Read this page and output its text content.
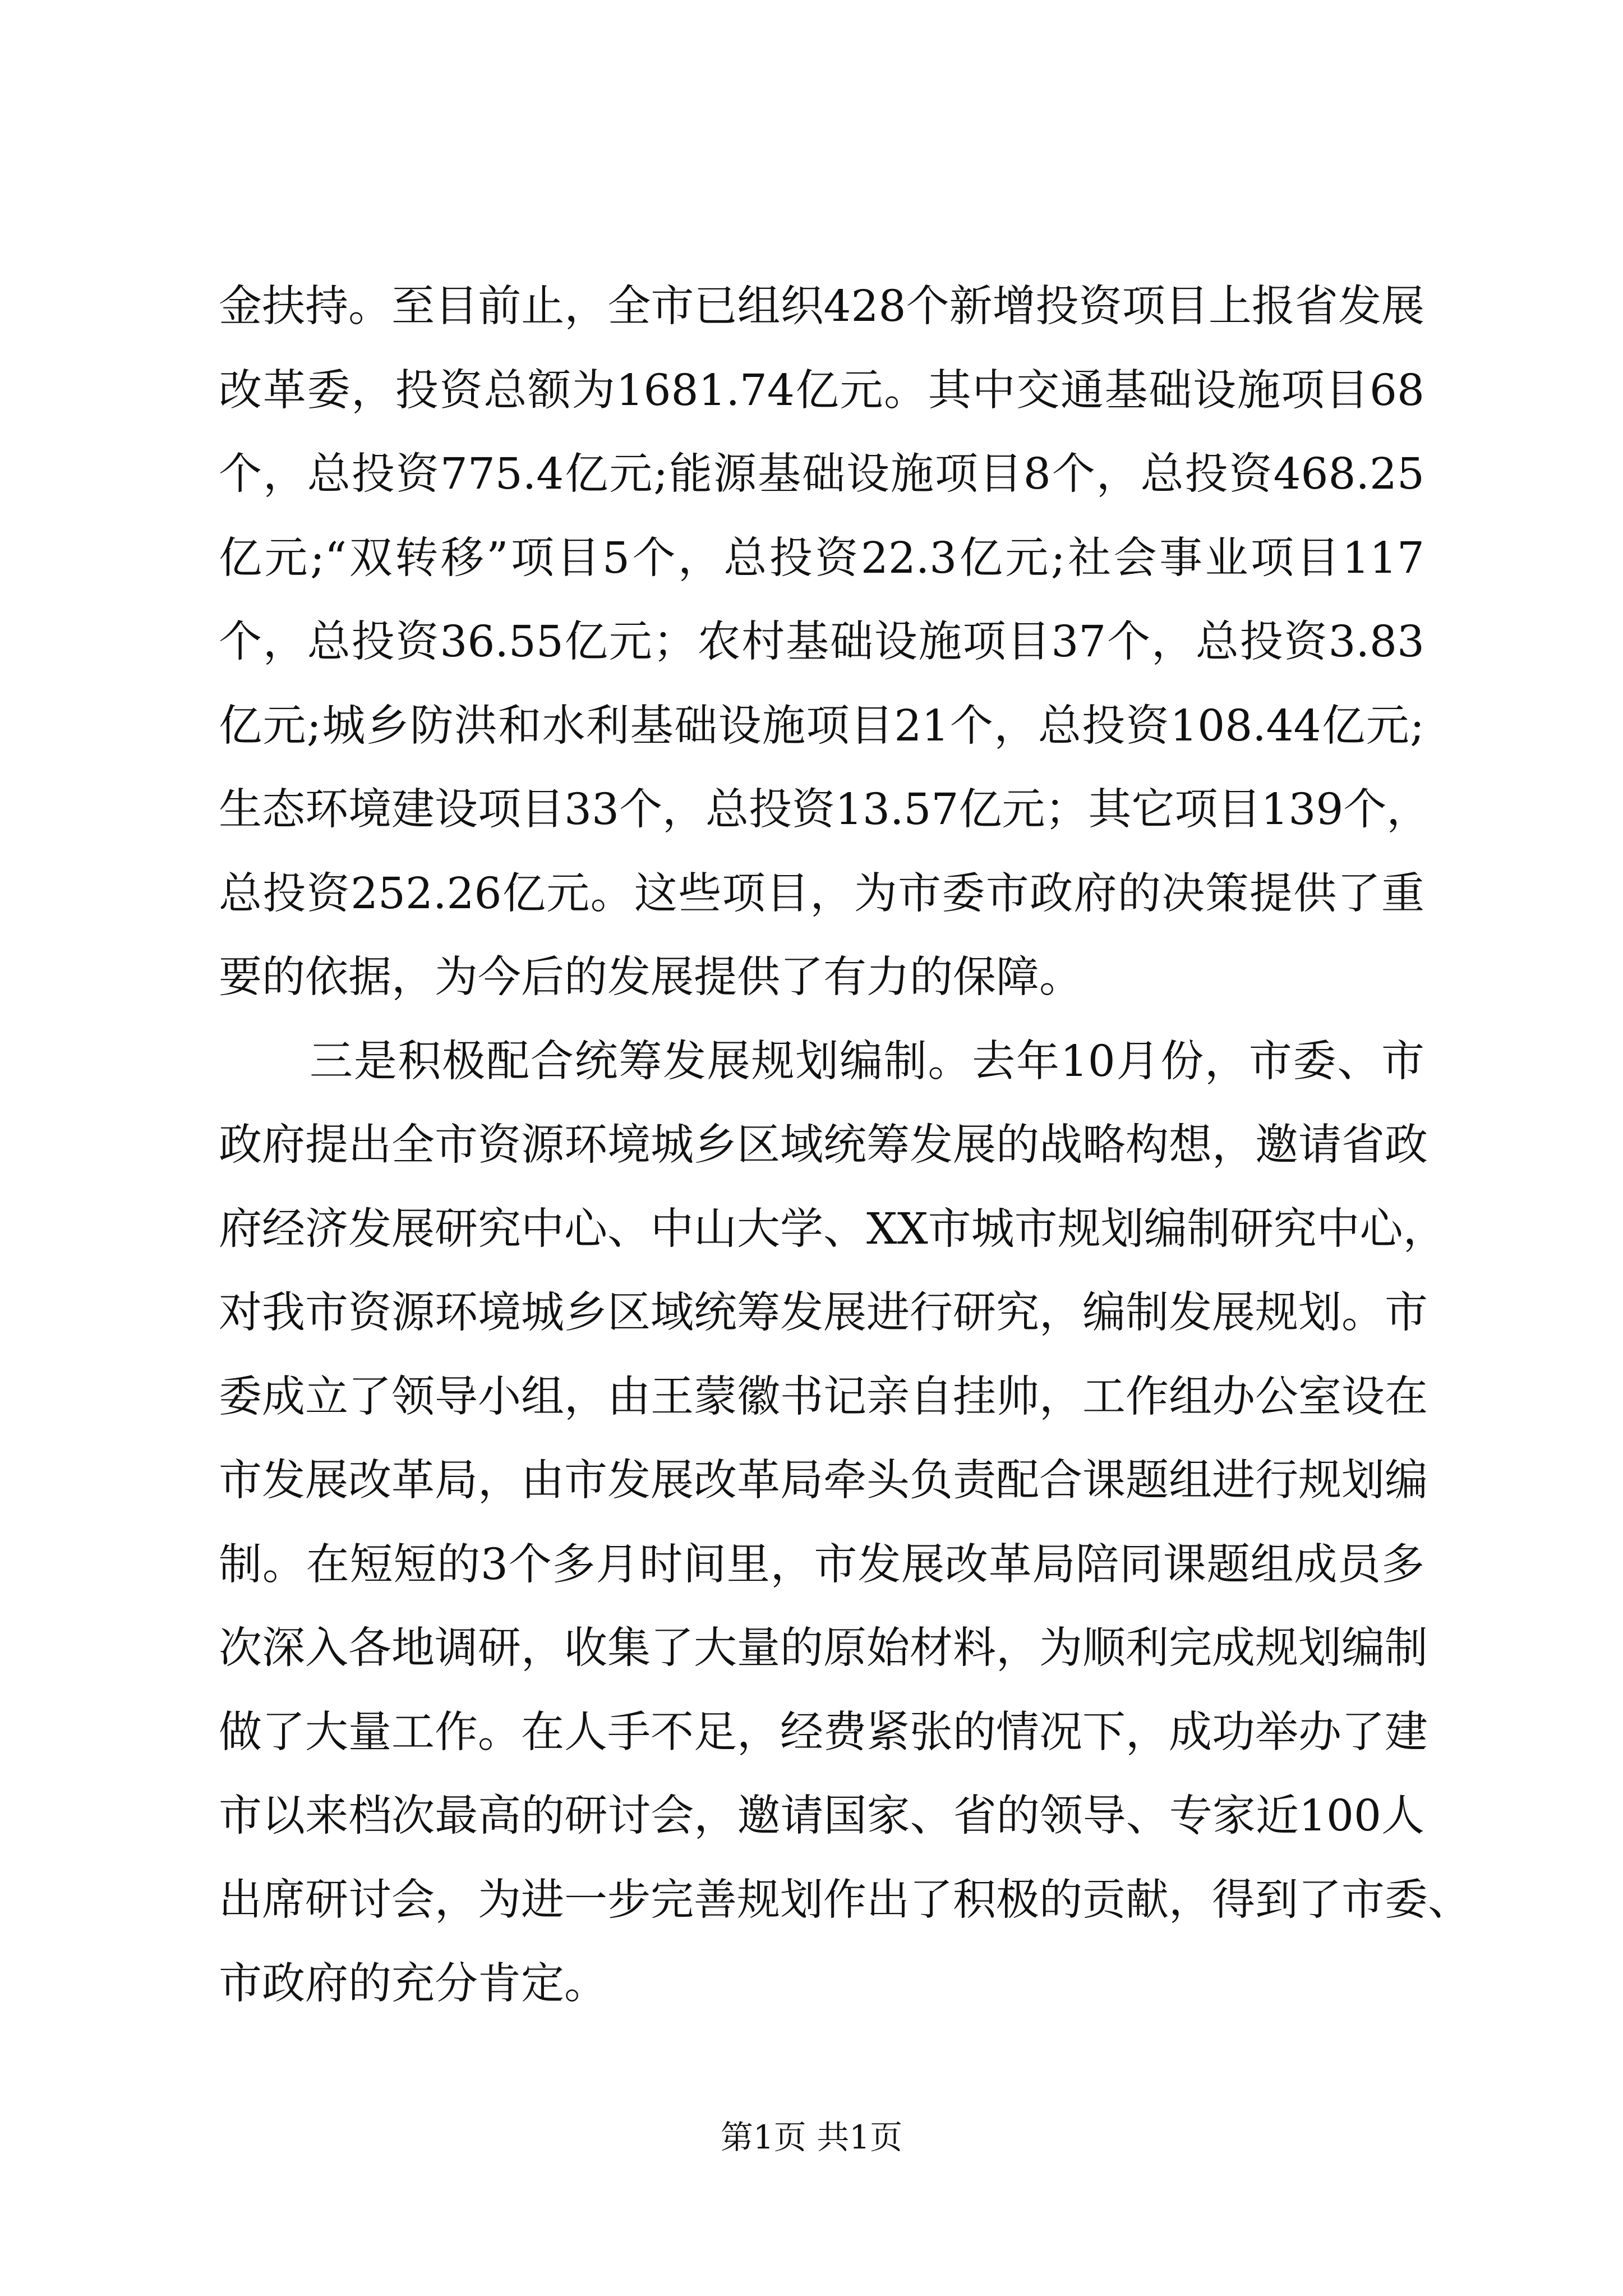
金扶持。至目前止，全市已组织428个新增投资项目上报省发展
改革委，投资总额为1681.74亿元。其中交通基础设施项目68
个，总投资775.4亿元;能源基础设施项目8个，总投资468.25
亿元;“双转移”项目5个，总投资22.3亿元;社会事业项目117
个，总投资36.55亿元；农村基础设施项目37个，总投资3.83
亿元;城乡防洪和水利基础设施项目21个，总投资108.44亿元;
生态环境建设项目33个，总投资13.57亿元；其它项目139个，
总投资252.26亿元。这些项目，为市委市政府的决策提供了重
要的依据，为今后的发展提供了有力的保障。
三是积极配合统筹发展规划编制。去年10月份，市委、市
政府提出全市资源环境城乡区域统筹发展的战略构想，邀请省政
府经济发展研究中心、中山大学、XX市城市规划编制研究中心，
对我市资源环境城乡区域统筹发展进行研究，编制发展规划。市
委成立了领导小组，由王蒙徽书记亲自挂帅，工作组办公室设在
市发展改革局，由市发展改革局牵头负责配合课题组进行规划编
制。在短短的3个多月时间里，市发展改革局陪同课题组成员多
次深入各地调研，收集了大量的原始材料，为顺利完成规划编制
做了大量工作。在人手不足，经费紧张的情况下，成功举办了建
市以来档次最高的研讨会，邀请国家、省的领导、专家近100人
出席研讨会，为进一步完善规划作出了积极的贡献，得到了市委、
市政府的充分肯定。
第1页 共1页
